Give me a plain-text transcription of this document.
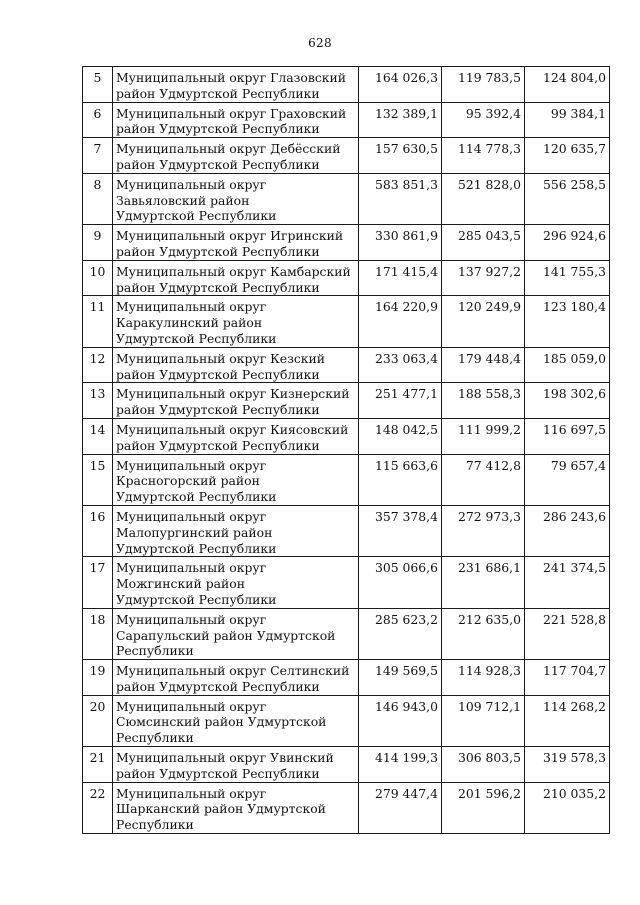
628
5	Муниципальный округ Глазовский
район Удмуртской Республики	164 026,3	119 783,5	124 804,0
6	Муниципальный округ Граховский
район Удмуртской Республики	132 389,1	95 392,4	99 384,1
7	Муниципальный округ Дебёсский
район Удмуртской Республики	157 630,5	114 778,3	120 635,7
8	Муниципальный округ
Завьяловский район
Удмуртской Республики	583 851,3	521 828,0	556 258,5
9	Муниципальный округ Игринский
район Удмуртской Республики	330 861,9	285 043,5	296 924,6
10	Муниципальный округ Камбарский
район Удмуртской Республики	171 415,4	137 927,2	141 755,3
11	Муниципальный округ
Каракулинский район
Удмуртской Республики	164 220,9	120 249,9	123 180,4
12	Муниципальный округ Кезский
район Удмуртской Республики	233 063,4	179 448,4	185 059,0
13	Муниципальный округ Кизнерский
район Удмуртской Республики	251 477,1	188 558,3	198 302,6
14	Муниципальный округ Киясовский
район Удмуртской Республики	148 042,5	111 999,2	116 697,5
15	Муниципальный округ
Красногорский район
Удмуртской Республики	115 663,6	77 412,8	79 657,4
16	Муниципальный округ
Малопургинский район
Удмуртской Республики	357 378,4	272 973,3	286 243,6
17	Муниципальный округ
Можгинский район
Удмуртской Республики	305 066,6	231 686,1	241 374,5
18	Муниципальный округ
Сарапульский район Удмуртской
Республики	285 623,2	212 635,0	221 528,8
19	Муниципальный округ Селтинский
район Удмуртской Республики	149 569,5	114 928,3	117 704,7
20	Муниципальный округ
Сюмсинский район Удмуртской
Республики	146 943,0	109 712,1	114 268,2
21	Муниципальный округ Увинский
район Удмуртской Республики	414 199,3	306 803,5	319 578,3
22	Муниципальный округ
Шарканский район Удмуртской
Республики	279 447,4	201 596,2	210 035,2
